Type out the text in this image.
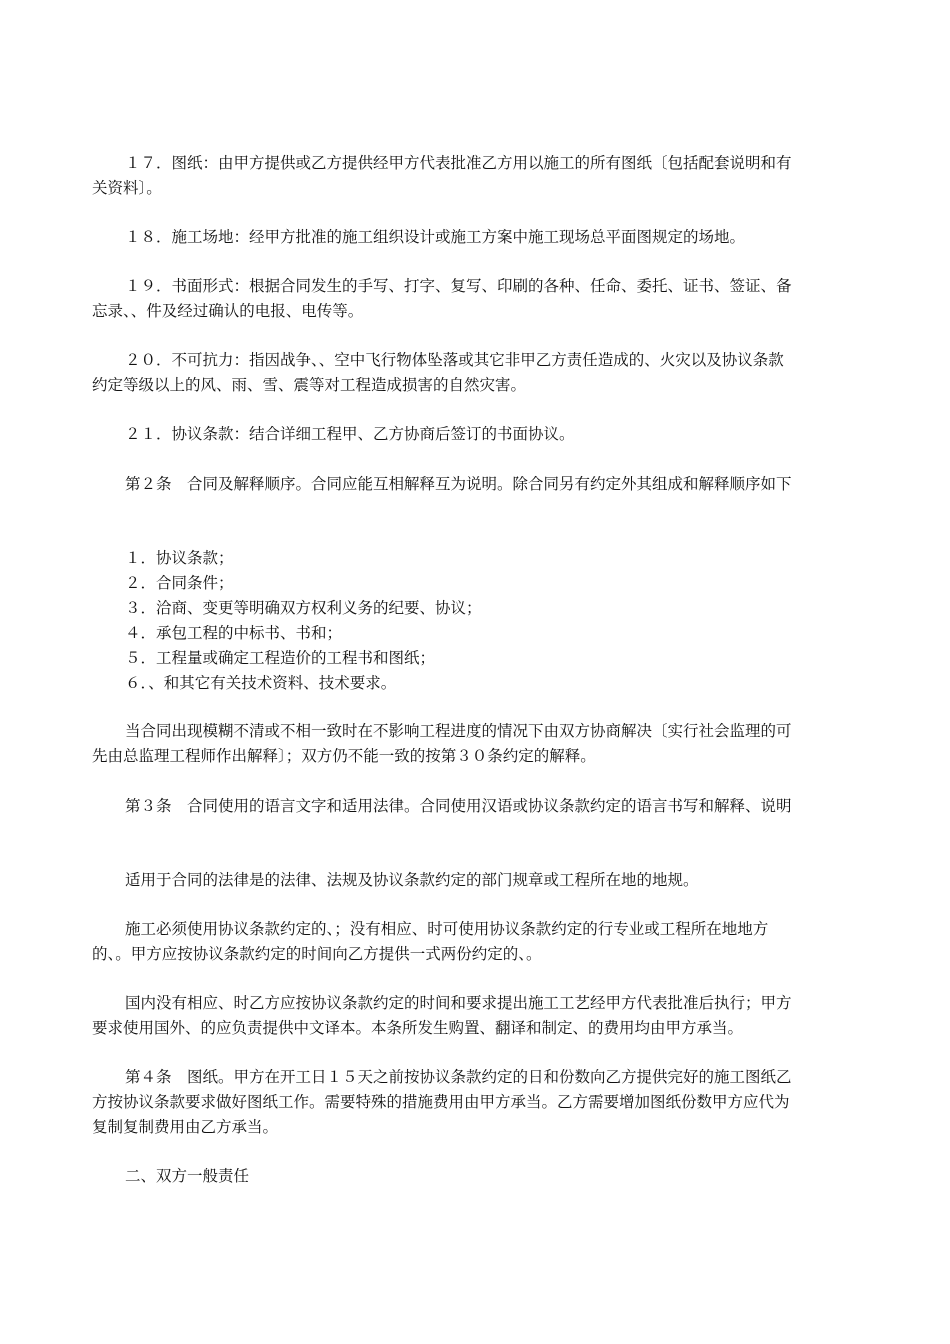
１７．图纸：由甲方提供或乙方提供经甲方代表批准乙方用以施工的所有图纸〔包括配套说明和有
关资料〕。
１８．施工场地：经甲方批准的施工组织设计或施工方案中施工现场总平面图规定的场地。
１９．书面形式：根据合同发生的手写、打字、复写、印刷的各种、任命、委托、证书、签证、备
忘录、、件及经过确认的电报、电传等。
２０．不可抗力：指因战争、、空中飞行物体坠落或其它非甲乙方责任造成的、火灾以及协议条款
约定等级以上的风、雨、雪、震等对工程造成损害的自然灾害。
２１．协议条款：结合详细工程甲、乙方协商后签订的书面协议。
第２条　合同及解释顺序。合同应能互相解释互为说明。除合同另有约定外其组成和解释顺序如下
１．协议条款；
２．合同条件；
３．洽商、变更等明确双方权利义务的纪要、协议；
４．承包工程的中标书、书和；
５．工程量或确定工程造价的工程书和图纸；
６．、和其它有关技术资料、技术要求。
当合同出现模糊不清或不相一致时在不影响工程进度的情况下由双方协商解决〔实行社会监理的可
先由总监理工程师作出解释〕；双方仍不能一致的按第３０条约定的解释。
第３条　合同使用的语言文字和适用法律。合同使用汉语或协议条款约定的语言书写和解释、说明
适用于合同的法律是的法律、法规及协议条款约定的部门规章或工程所在地的地规。
施工必须使用协议条款约定的、；没有相应、时可使用协议条款约定的行专业或工程所在地地方
的、。甲方应按协议条款约定的时间向乙方提供一式两份约定的、。
国内没有相应、时乙方应按协议条款约定的时间和要求提出施工工艺经甲方代表批准后执行；甲方
要求使用国外、的应负责提供中文译本。本条所发生购置、翻译和制定、的费用均由甲方承当。
第４条　图纸。甲方在开工日１５天之前按协议条款约定的日和份数向乙方提供完好的施工图纸乙
方按协议条款要求做好图纸工作。需要特殊的措施费用由甲方承当。乙方需要增加图纸份数甲方应代为
复制复制费用由乙方承当。
二、双方一般责任
